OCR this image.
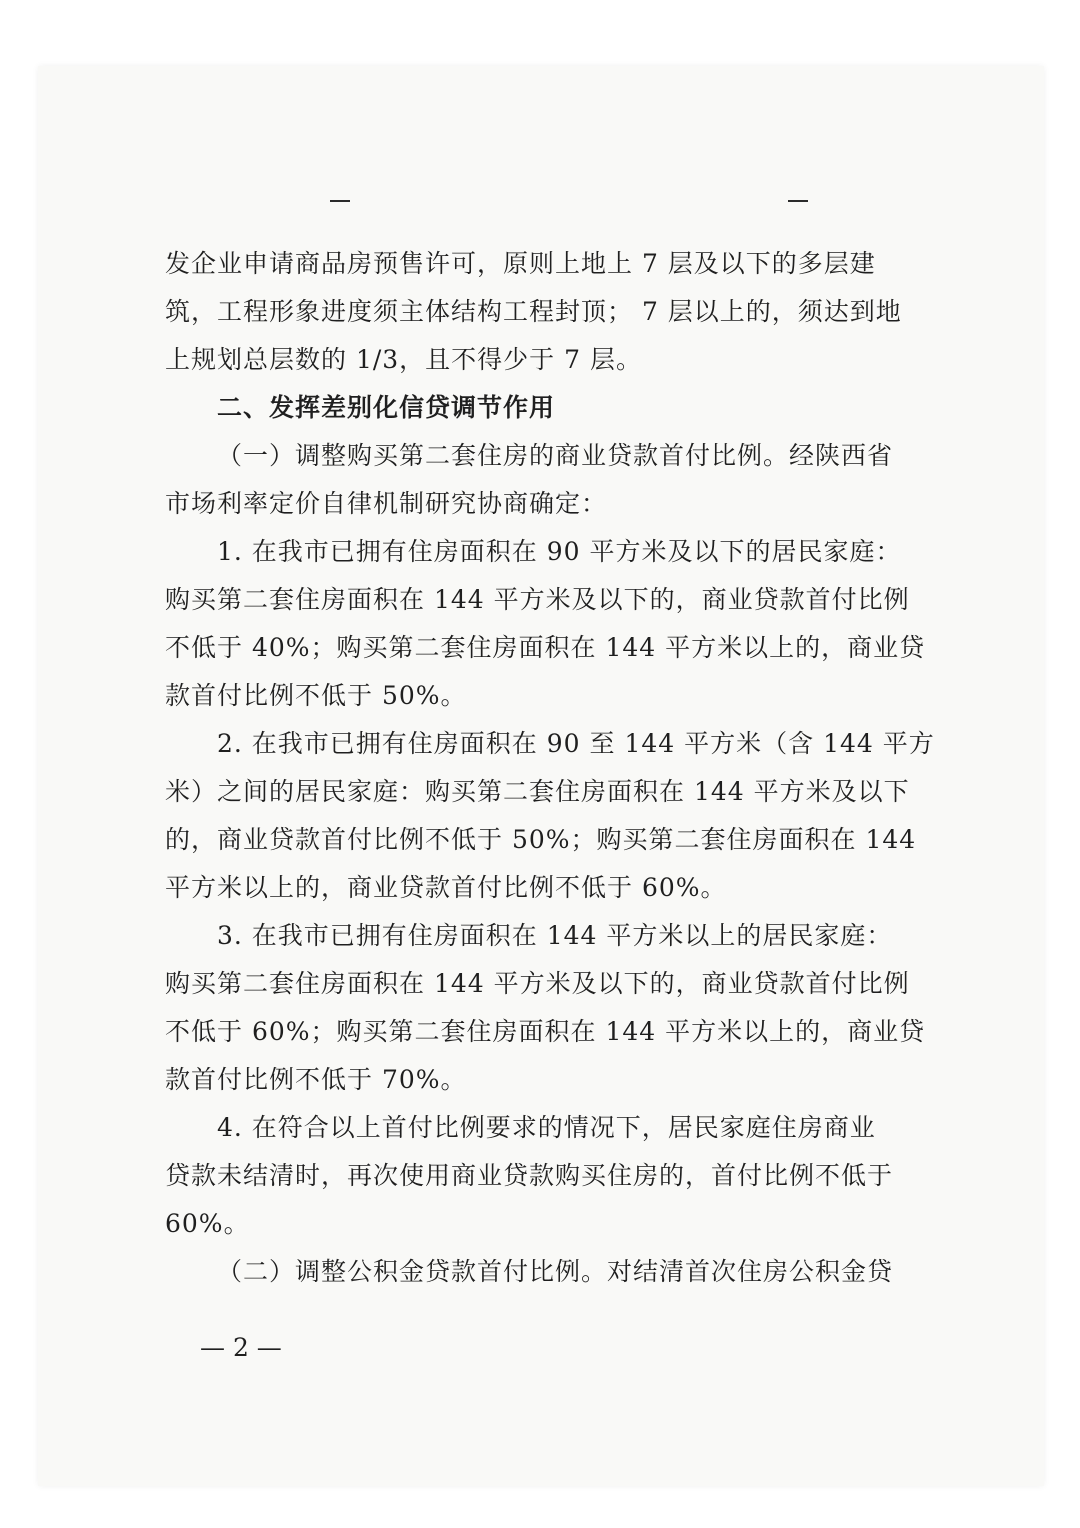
发企业申请商品房预售许可，原则上地上 7 层及以下的多层建
筑，工程形象进度须主体结构工程封顶； 7 层以上的，须达到地
上规划总层数的 1/3，且不得少于 7 层。
二、发挥差别化信贷调节作用
（一）调整购买第二套住房的商业贷款首付比例。经陕西省
市场利率定价自律机制研究协商确定：
1. 在我市已拥有住房面积在 90 平方米及以下的居民家庭：
购买第二套住房面积在 144 平方米及以下的，商业贷款首付比例
不低于 40%；购买第二套住房面积在 144 平方米以上的，商业贷
款首付比例不低于 50%。
2. 在我市已拥有住房面积在 90 至 144 平方米（含 144 平方
米）之间的居民家庭：购买第二套住房面积在 144 平方米及以下
的，商业贷款首付比例不低于 50%；购买第二套住房面积在 144
平方米以上的，商业贷款首付比例不低于 60%。
3. 在我市已拥有住房面积在 144 平方米以上的居民家庭：
购买第二套住房面积在 144 平方米及以下的，商业贷款首付比例
不低于 60%；购买第二套住房面积在 144 平方米以上的，商业贷
款首付比例不低于 70%。
4. 在符合以上首付比例要求的情况下，居民家庭住房商业
贷款未结清时，再次使用商业贷款购买住房的，首付比例不低于
60%。
（二）调整公积金贷款首付比例。对结清首次住房公积金贷
— 2 —
